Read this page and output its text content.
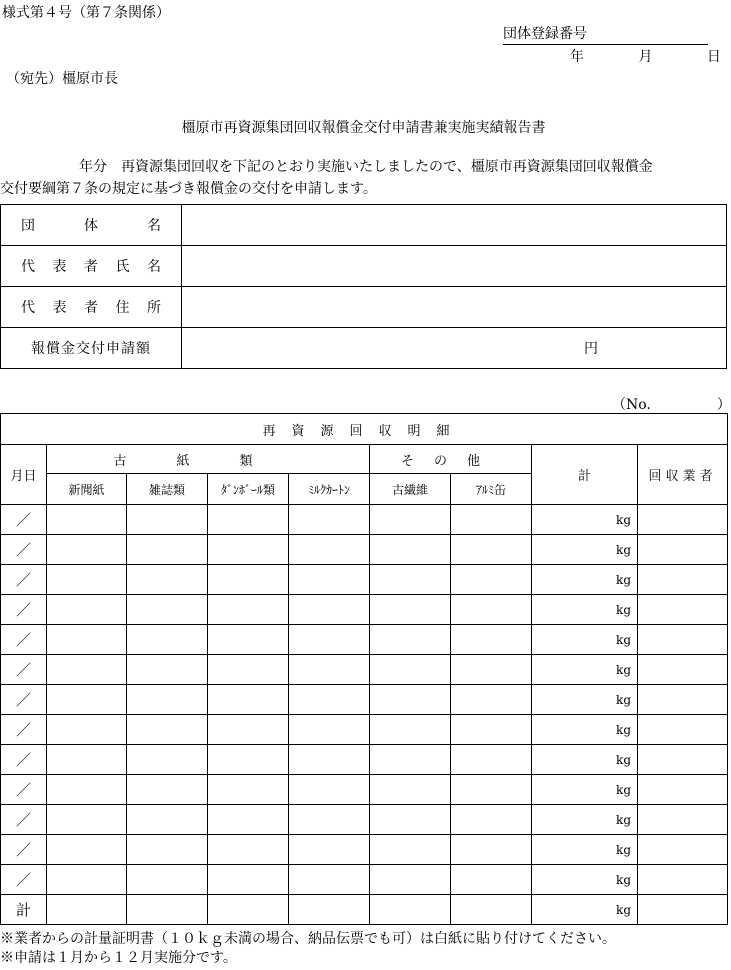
様式第４号（第７条関係）
団体登録番号
年	月	日
（宛先）橿原市長
橿原市再資源集団回収報償金交付申請書兼実施実績報告書
年分　再資源集団回収を下記のとおり実施いたしましたので、橿原市再資源集団回収報償金
交付要綱第７条の規定に基づき報償金の交付を申請します。
団 体 名	

代 表 者 氏 名	

代 表 者 住 所	

報償金交付申請額	円
（No.	）
再資源回収明細								
月日	古紙類				その他		計	回収業者
	新聞紙	雑誌類	ﾀﾞﾝﾎﾞｰﾙ類	ﾐﾙｸｶｰﾄﾝ	古繊維	ｱﾙﾐ缶		
／							kg	
／							kg	
／							kg	
／							kg	
／							kg	
／							kg	
／							kg	
／							kg	
／							kg	
／							kg	
／							kg	
／							kg	
／							kg	
計							kg	
※業者からの計量証明書（１０ｋｇ未満の場合、納品伝票でも可）は白紙に貼り付けてください。
※申請は１月から１２月実施分です。
